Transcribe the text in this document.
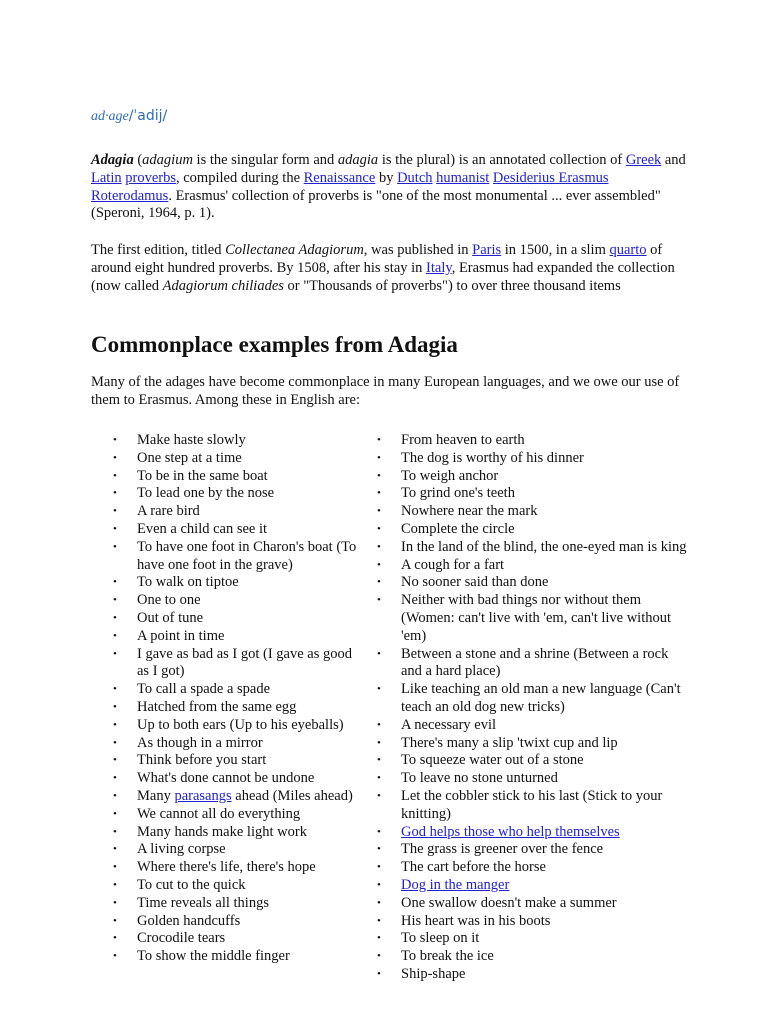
ad·age/ˈadij/

Adagia (adagium is the singular form and adagia is the plural) is an annotated collection of Greek and Latin proverbs, compiled during the Renaissance by Dutch humanist Desiderius Erasmus Roterodamus. Erasmus' collection of proverbs is "one of the most monumental ... ever assembled" (Speroni, 1964, p. 1).

The first edition, titled Collectanea Adagiorum, was published in Paris in 1500, in a slim quarto of around eight hundred proverbs. By 1508, after his stay in Italy, Erasmus had expanded the collection (now called Adagiorum chiliades or "Thousands of proverbs") to over three thousand items

Commonplace examples from Adagia

Many of the adages have become commonplace in many European languages, and we owe our use of them to Erasmus. Among these in English are:

• Make haste slowly
• One step at a time
• To be in the same boat
• To lead one by the nose
• A rare bird
• Even a child can see it
• To have one foot in Charon's boat (To have one foot in the grave)
• To walk on tiptoe
• One to one
• Out of tune
• A point in time
• I gave as bad as I got (I gave as good as I got)
• To call a spade a spade
• Hatched from the same egg
• Up to both ears (Up to his eyeballs)
• As though in a mirror
• Think before you start
• What's done cannot be undone
• Many parasangs ahead (Miles ahead)
• We cannot all do everything
• Many hands make light work
• A living corpse
• Where there's life, there's hope
• To cut to the quick
• Time reveals all things
• Golden handcuffs
• Crocodile tears
• To show the middle finger
• From heaven to earth
• The dog is worthy of his dinner
• To weigh anchor
• To grind one's teeth
• Nowhere near the mark
• Complete the circle
• In the land of the blind, the one-eyed man is king
• A cough for a fart
• No sooner said than done
• Neither with bad things nor without them (Women: can't live with 'em, can't live without 'em)
• Between a stone and a shrine (Between a rock and a hard place)
• Like teaching an old man a new language (Can't teach an old dog new tricks)
• A necessary evil
• There's many a slip 'twixt cup and lip
• To squeeze water out of a stone
• To leave no stone unturned
• Let the cobbler stick to his last (Stick to your knitting)
• God helps those who help themselves
• The grass is greener over the fence
• The cart before the horse
• Dog in the manger
• One swallow doesn't make a summer
• His heart was in his boots
• To sleep on it
• To break the ice
• Ship-shape
